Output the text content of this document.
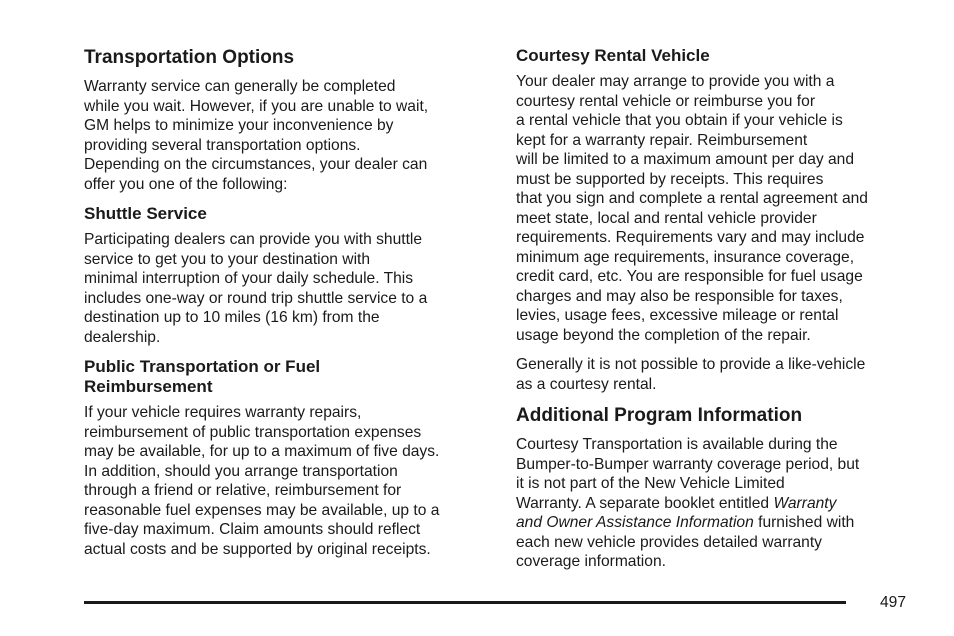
Transportation Options
Warranty service can generally be completed
while you wait. However, if you are unable to wait,
GM helps to minimize your inconvenience by
providing several transportation options.
Depending on the circumstances, your dealer can
offer you one of the following:
Shuttle Service
Participating dealers can provide you with shuttle
service to get you to your destination with
minimal interruption of your daily schedule. This
includes one-way or round trip shuttle service to a
destination up to 10 miles (16 km) from the
dealership.
Public Transportation or Fuel
Reimbursement
If your vehicle requires warranty repairs,
reimbursement of public transportation expenses
may be available, for up to a maximum of five days.
In addition, should you arrange transportation
through a friend or relative, reimbursement for
reasonable fuel expenses may be available, up to a
five-day maximum. Claim amounts should reflect
actual costs and be supported by original receipts.
Courtesy Rental Vehicle
Your dealer may arrange to provide you with a
courtesy rental vehicle or reimburse you for
a rental vehicle that you obtain if your vehicle is
kept for a warranty repair. Reimbursement
will be limited to a maximum amount per day and
must be supported by receipts. This requires
that you sign and complete a rental agreement and
meet state, local and rental vehicle provider
requirements. Requirements vary and may include
minimum age requirements, insurance coverage,
credit card, etc. You are responsible for fuel usage
charges and may also be responsible for taxes,
levies, usage fees, excessive mileage or rental
usage beyond the completion of the repair.
Generally it is not possible to provide a like-vehicle
as a courtesy rental.
Additional Program Information
Courtesy Transportation is available during the
Bumper-to-Bumper warranty coverage period, but
it is not part of the New Vehicle Limited
Warranty. A separate booklet entitled Warranty
and Owner Assistance Information furnished with
each new vehicle provides detailed warranty
coverage information.
497
